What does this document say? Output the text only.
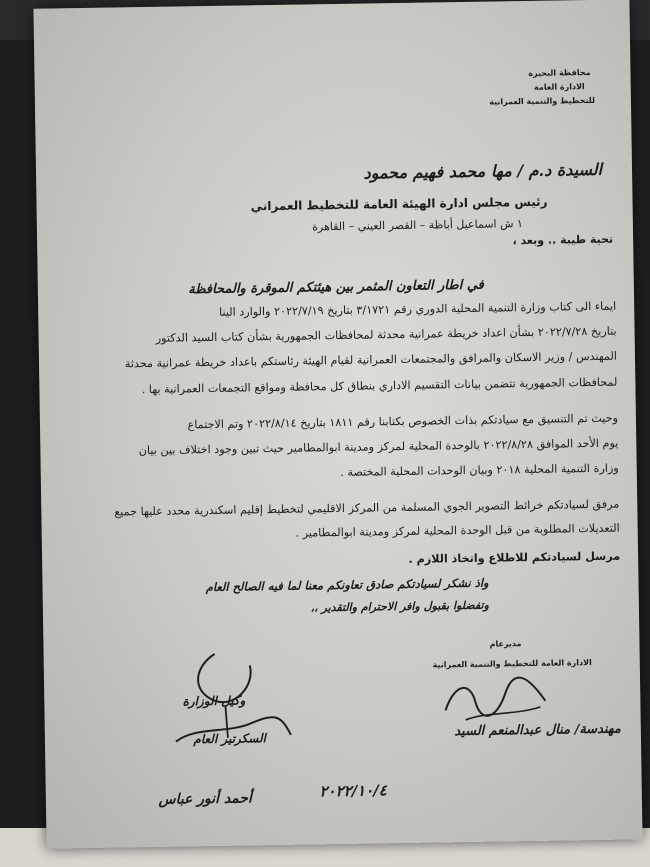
محافظة البحيرة
الادارة العامة
للتخطيط والتنمية العمرانية
السيدة د.م / مها محمد فهيم محمود
رئيس مجلس ادارة الهيئة العامة للتخطيط العمراني
١ ش اسماعيل أباظة – القصر العيني – القاهرة
تحية طيبة .. وبعد ،
في اطار التعاون المثمر بين هيئتكم الموقرة والمحافظة
ايماء الى كتاب وزارة التنمية المحلية الدوري رقم ٣/١٧٢١ بتاريخ ٢٠٢٢/٧/١٩ والوارد الينا
بتاريخ ٢٠٢٢/٧/٢٨ بشأن اعداد خريطة عمرانية محدثة لمحافظات الجمهورية بشأن كتاب السيد الدكتور
المهندس / وزير الاسكان والمرافق والمجتمعات العمرانية لقيام الهيئة رئاستكم باعداد خريطة عمرانية محدثة
لمحافظات الجمهورية تتضمن بيانات التقسيم الاداري بنطاق كل محافظة ومواقع التجمعات العمرانية بها .
وحيث تم التنسيق مع سيادتكم بذات الخصوص بكتابنا رقم ١٨١١ بتاريخ ٢٠٢٢/٨/١٤ وتم الاجتماع
يوم الأحد الموافق ٢٠٢٢/٨/٢٨ بالوحدة المحلية لمركز ومدينة ابوالمطامير حيث تبين وجود اختلاف بين بيان
وزارة التنمية المحلية ٢٠١٨ وبيان الوحدات المحلية المختصة .
مرفق لسيادتكم خرائط التصوير الجوي المسلمة من المركز الاقليمي لتخطيط إقليم اسكندرية محدد عليها جميع
التعديلات المطلوبة من قبل الوحدة المحلية لمركز ومدينة ابوالمطامير .
مرسل لسيادتكم للاطلاع واتخاذ اللازم .
واذ نشكر لسيادتكم صادق تعاونكم معنا لما فيه الصالح العام
وتفضلوا بقبول وافر الاحترام والتقدير ،،
مديرعام
الادارة العامة للتخطيط والتنمية العمرانية
مهندسة/ منال عبدالمنعم السيد
وكيل الوزارة
السكرتير العام
٢٠٢٢/١٠/٤
أحمد أنور عباس
